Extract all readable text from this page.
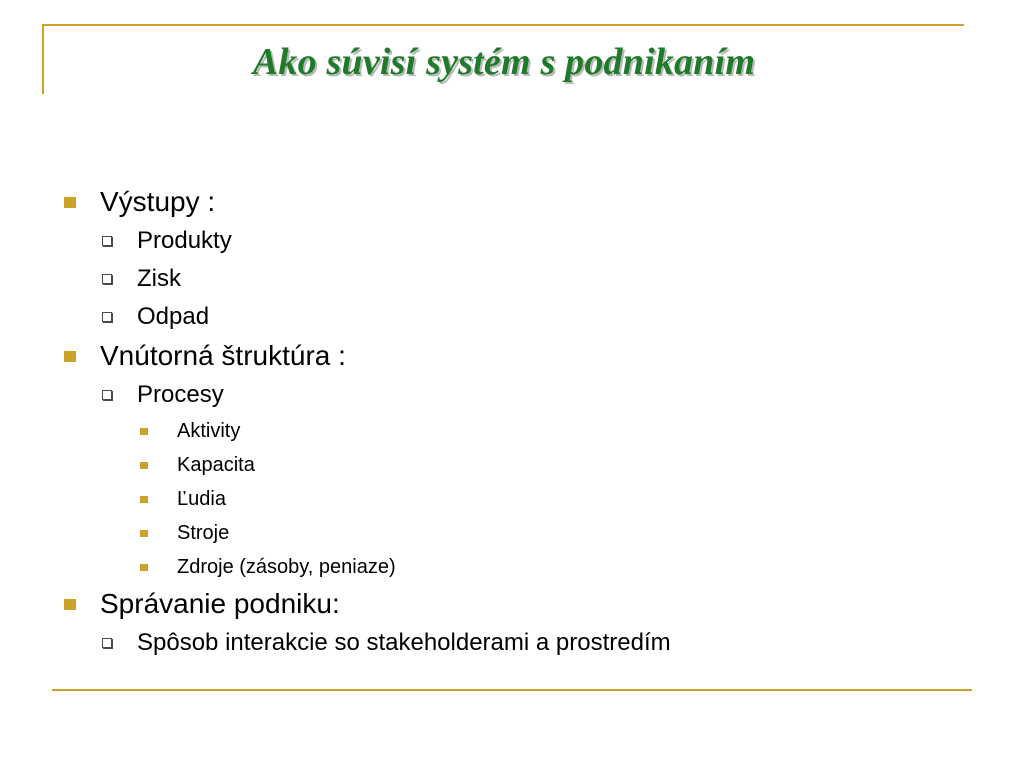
Ako súvisí systém s podnikaním
Výstupy :
Produkty
Zisk
Odpad
Vnútorná štruktúra :
Procesy
Aktivity
Kapacita
Ľudia
Stroje
Zdroje (zásoby, peniaze)
Správanie podniku:
Spôsob interakcie so stakeholderami a prostredím
